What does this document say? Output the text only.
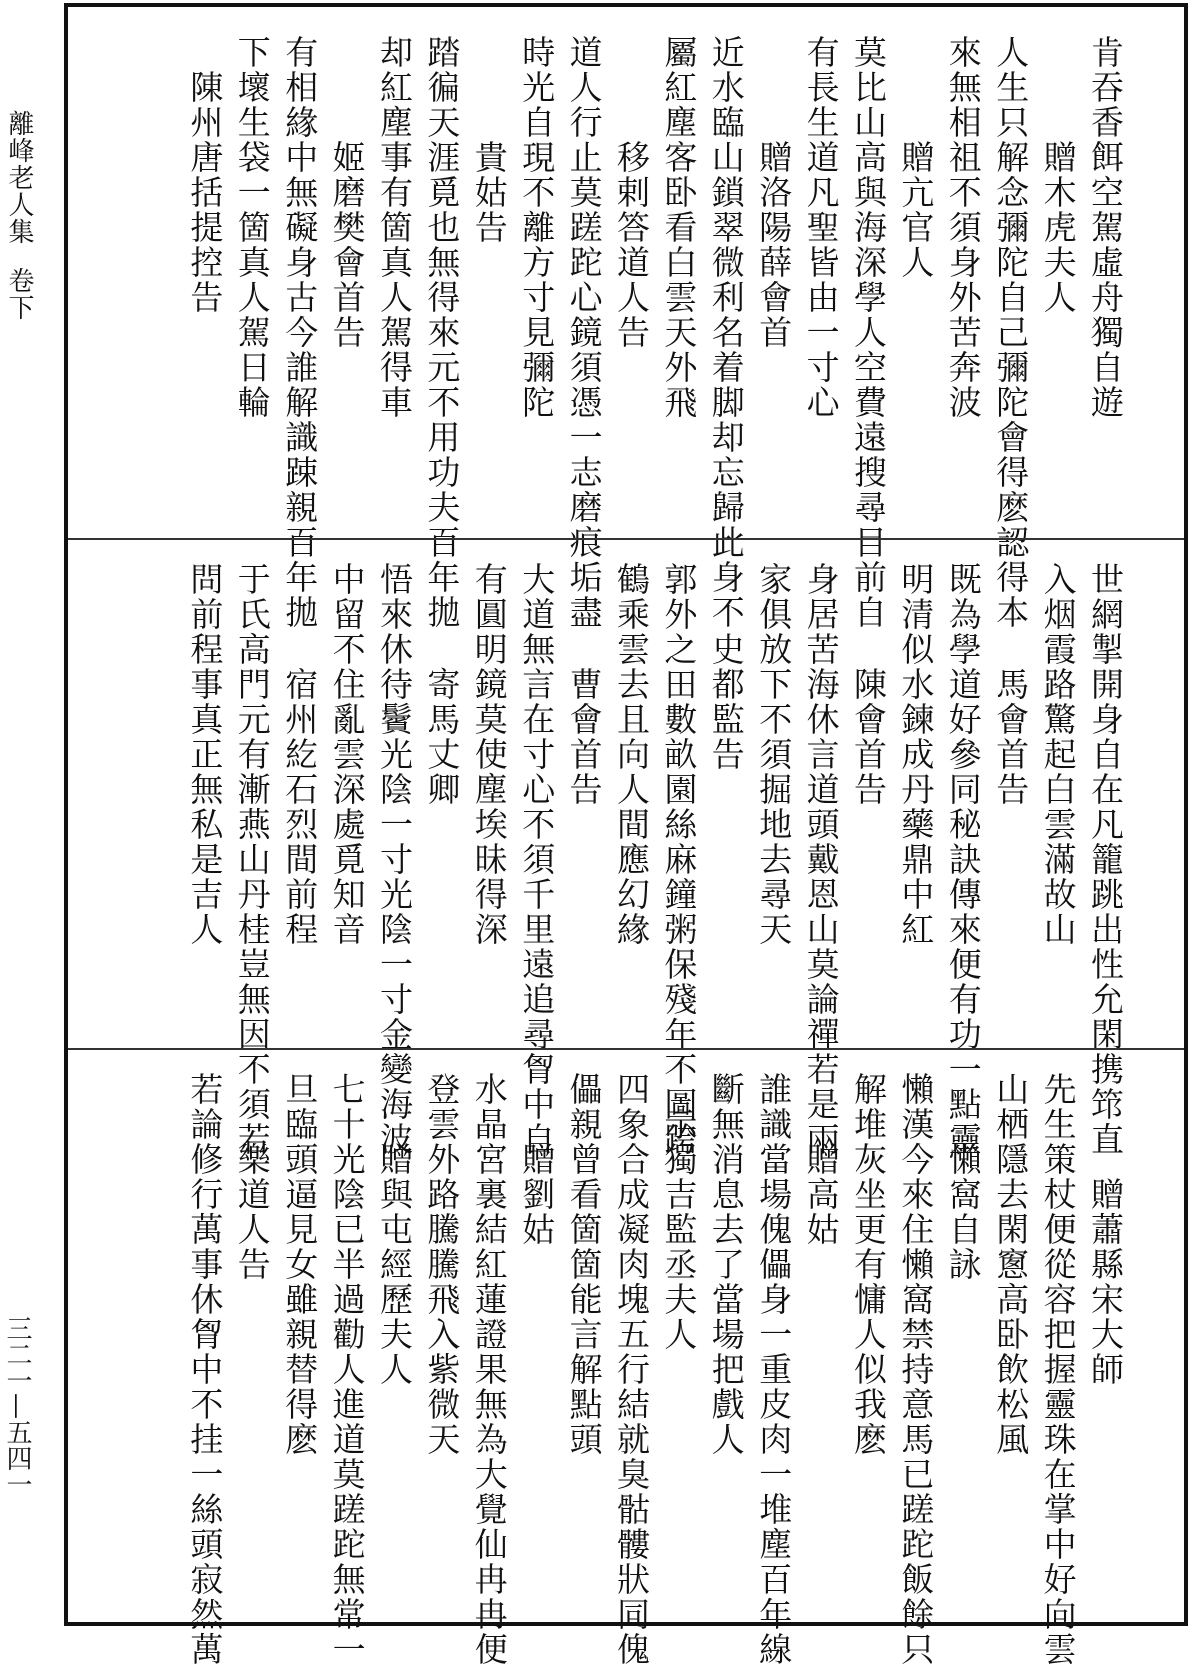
離峰老人集卷下
三二一—五四一
肯吞香餌空駕虛舟獨自遊
贈木虎夫人
人生只解念彌陀自己彌陀會得麽認得本
來無相祖不須身外苦奔波
贈亢官人
莫比山高與海深學人空費遠搜尋目前自
有長生道凡聖皆由一寸心
贈洛陽薛會首
近水臨山鎖翠微利名着脚却忘歸此身不
屬紅塵客卧看白雲天外飛
移剌答道人告
道人行止莫蹉跎心鏡須憑一志磨痕垢盡
時光自現不離方寸見彌陀
貴姑告
踏徧天涯覓也無得來元不用功夫百年拋
却紅塵事有箇真人駕得車
姬磨樊會首告
有相緣中無礙身古今誰解識踈親百年拋
下壞生袋一箇真人駕日輪
陳州唐括提控告
世網掣開身自在凡籠跳出性允閑携筇直
入烟霞路驚起白雲滿故山
馬會首告
既為學道好參同秘訣傳來便有功一點靈
明清似水鍊成丹藥鼎中紅
陳會首告
身居苦海休言道頭戴恩山莫論禪若是兩
家俱放下不須掘地去尋天
史都監告
郭外之田數畝園絲麻鐘粥保殘年不圖跨
鶴乘雲去且向人間應幻緣
曹會首告
大道無言在寸心不須千里遠追尋胷中自
有圓明鏡莫使塵埃昧得深
寄馬丈卿
悟來休待鬢光陰一寸光陰一寸金變海波
中留不住亂雲深處覓知音
宿州紇石烈間前程
于氏高門元有漸燕山丹桂豈無因不須若
問前程事真正無私是吉人
贈蕭縣宋大師
先生策杖便從容把握靈珠在掌中好向雲
山栖隱去閑窻高卧飲松風
懶窩自詠
懶漢今來住懶窩禁持意馬已蹉跎飯餘只
解堆灰坐更有慵人似我麽
贈高姑
誰識當場傀儡身一重皮肉一堆塵百年線
斷無消息去了當場把戲人
示獨吉監丞夫人
四象合成凝肉塊五行結就臭骷髏狀同傀
儡親曾看箇箇能言解點頭
贈劉姑
水晶宮裏結紅蓮證果無為大覺仙冉冉便
登雲外路騰騰飛入紫微天
贈與屯經歷夫人
七十光陰已半過勸人進道莫蹉跎無常一
旦臨頭逼見女雖親替得麽
樂道人告
若論修行萬事休胷中不挂一絲頭寂然萬
